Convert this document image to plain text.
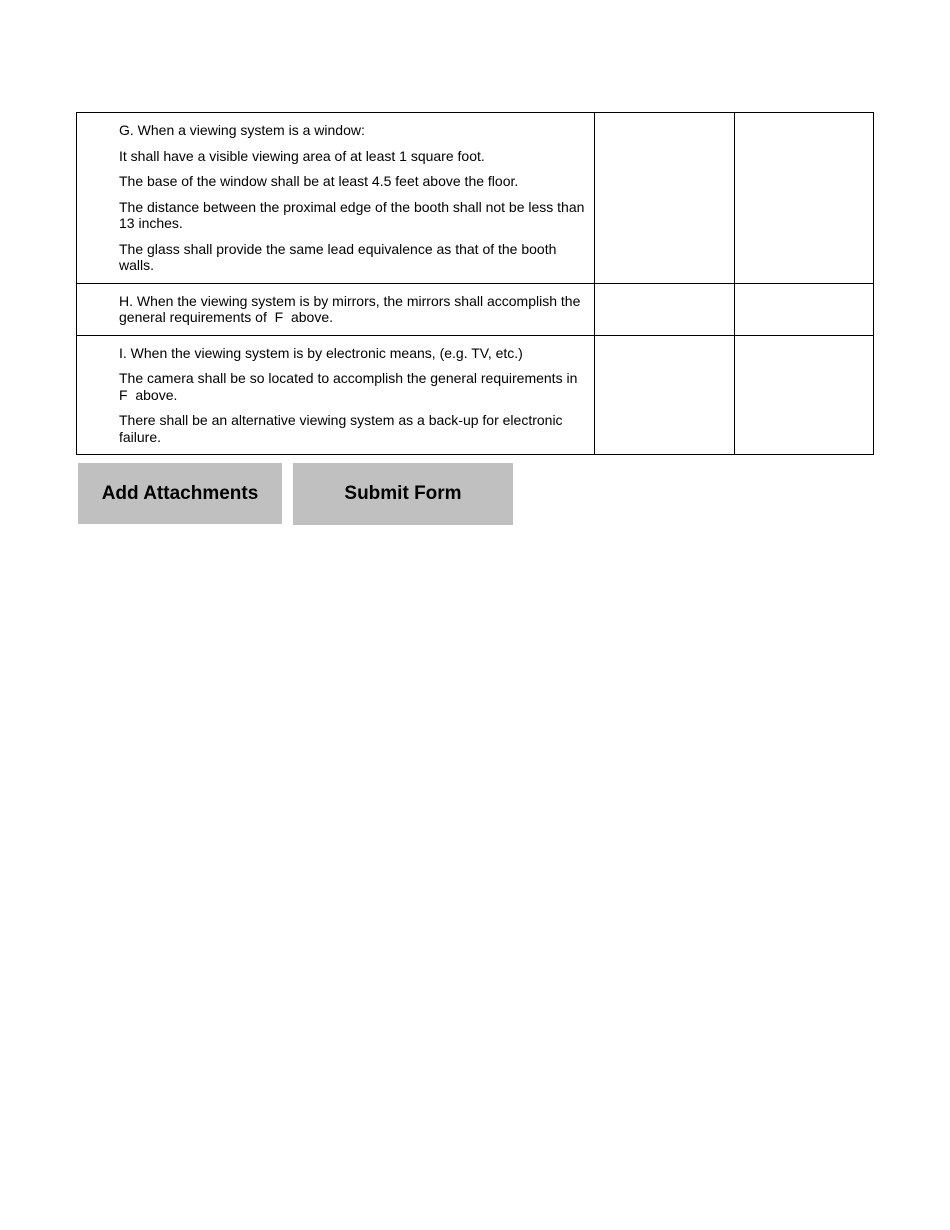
G. When a viewing system is a window:

It shall have a visible viewing area of at least 1 square foot.

The base of the window shall be at least 4.5 feet above the floor.

The distance between the proximal edge of the booth shall not be less than 13 inches.

The glass shall provide the same lead equivalence as that of the booth walls.		

H. When the viewing system is by mirrors, the mirrors shall accomplish the general requirements of  F  above.		

I. When the viewing system is by electronic means, (e.g. TV, etc.)

The camera shall be so located to accomplish the general requirements in  F  above.

There shall be an alternative viewing system as a back-up for electronic failure.		

Add Attachments	Submit Form
